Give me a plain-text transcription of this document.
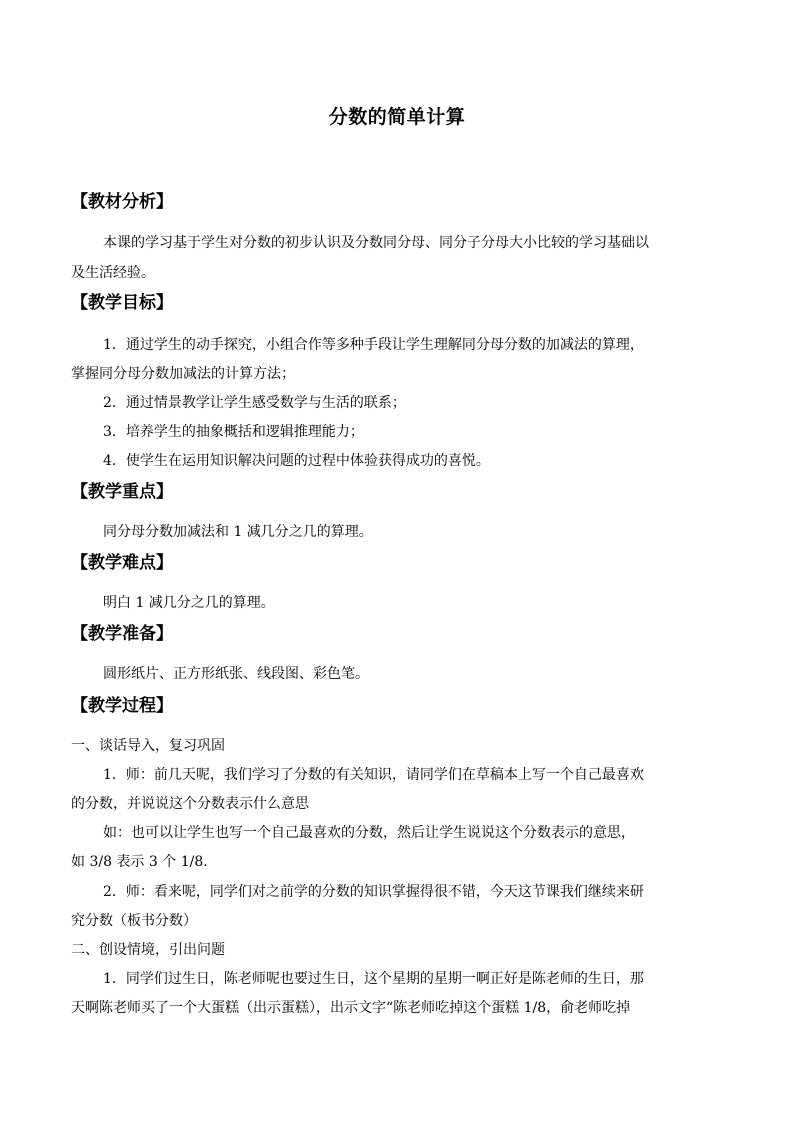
分数的简单计算
【教材分析】
本课的学习基于学生对分数的初步认识及分数同分母、同分子分母大小比较的学习基础以
及生活经验。
【教学目标】
1．通过学生的动手探究，小组合作等多种手段让学生理解同分母分数的加减法的算理，
掌握同分母分数加减法的计算方法；
2．通过情景教学让学生感受数学与生活的联系；
3．培养学生的抽象概括和逻辑推理能力；
4．使学生在运用知识解决问题的过程中体验获得成功的喜悦。
【教学重点】
同分母分数加减法和 1 减几分之几的算理。
【教学难点】
明白 1 减几分之几的算理。
【教学准备】
圆形纸片、正方形纸张、线段图、彩色笔。
【教学过程】
一、谈话导入，复习巩固
1．师：前几天呢，我们学习了分数的有关知识，请同学们在草稿本上写一个自己最喜欢
的分数，并说说这个分数表示什么意思
如：也可以让学生也写一个自己最喜欢的分数，然后让学生说说这个分数表示的意思，
如 3/8 表示 3 个 1/8.
2．师：看来呢，同学们对之前学的分数的知识掌握得很不错，今天这节课我们继续来研
究分数（板书分数）
二、创设情境，引出问题
1．同学们过生日，陈老师呢也要过生日，这个星期的星期一啊正好是陈老师的生日，那
天啊陈老师买了一个大蛋糕（出示蛋糕），出示文字“陈老师吃掉这个蛋糕 1/8，俞老师吃掉
